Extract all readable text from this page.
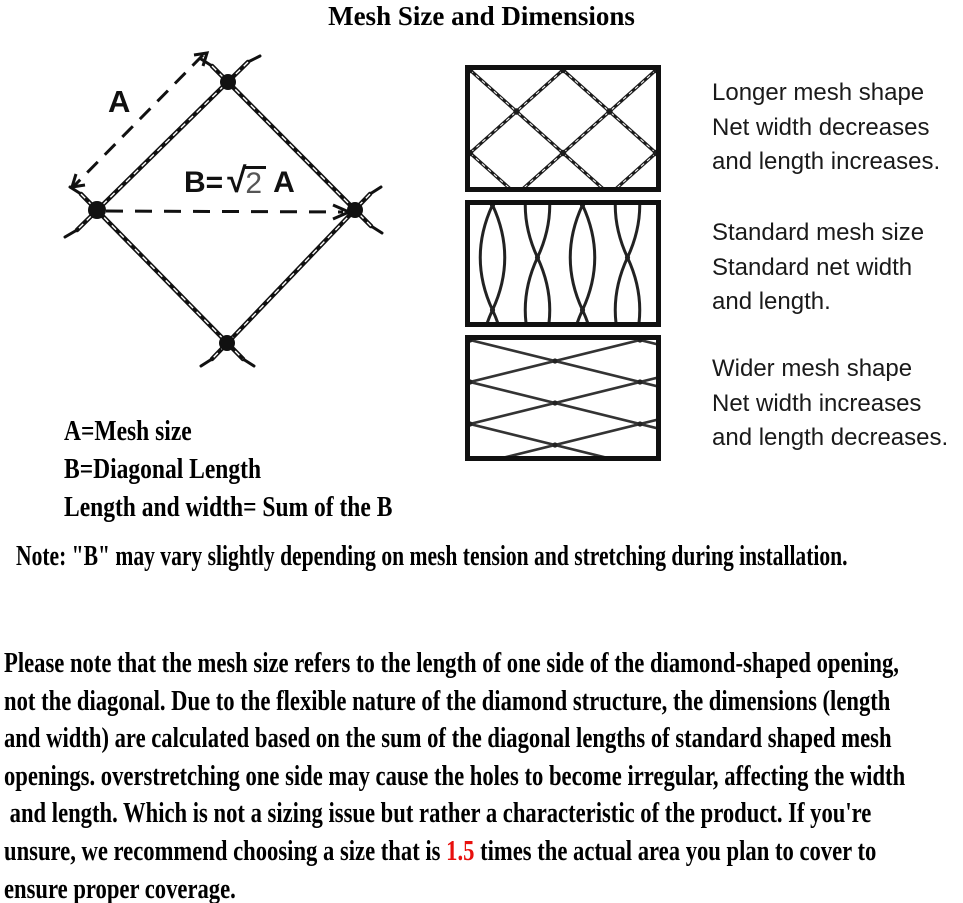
Mesh Size and Dimensions
A
B= √ 2 A
A=Mesh size
B=Diagonal Length
Length and width= Sum of the B
Longer mesh shape
Net width decreases
and length increases.
Standard mesh size
Standard net width
and length.
Wider mesh shape
Net width increases
and length decreases.
Note: "B" may vary slightly depending on mesh tension and stretching during installation.
Please note that the mesh size refers to the length of one side of the diamond-shaped opening,
not the diagonal. Due to the flexible nature of the diamond structure, the dimensions (length
and width) are calculated based on the sum of the diagonal lengths of standard shaped mesh
openings. overstretching one side may cause the holes to become irregular, affecting the width
and length. Which is not a sizing issue but rather a characteristic of the product. If you're
unsure, we recommend choosing a size that is 1.5 times the actual area you plan to cover to
ensure proper coverage.
